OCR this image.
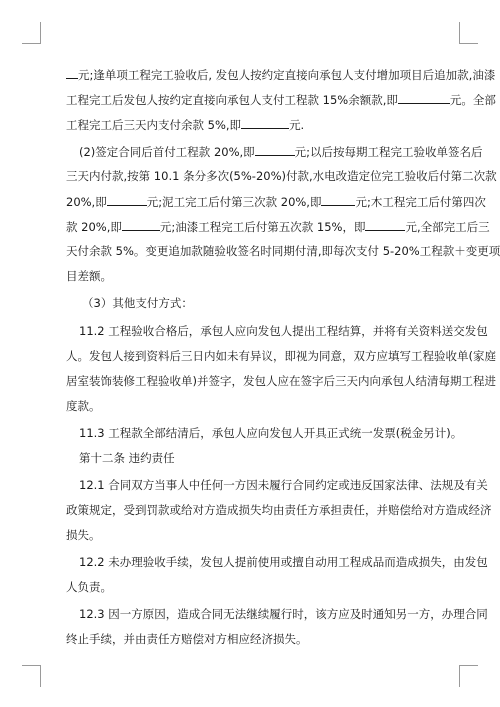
元;逢单项工程完工验收后, 发包人按约定直接向承包人支付增加项目后追加款,油漆
工程完工后发包人按约定直接向承包人支付工程款 15%余额款,即	元。全部
工程完工后三天内支付余款 5%,即	元.
(2)签定合同后首付工程款 20%,即	元;以后按每期工程完工验收单签名后
三天内付款,按第 10.1 条分多次(5%-20%)付款,水电改造定位完工验收后付第二次款
20%,即	元;泥工完工后付第三次款 20%,即	元;木工程完工后付第四次
款 20%,即	元;油漆工程完工后付第五次款 15%，即	元,全部完工后三
天付余款 5%。变更追加款随验收签名时同期付清,即每次支付 5-20%工程款＋变更项
目差额。
（3）其他支付方式：
11.2 工程验收合格后，承包人应向发包人提出工程结算，并将有关资料送交发包
人。发包人接到资料后三日内如未有异议，即视为同意，双方应填写工程验收单(家庭
居室装饰装修工程验收单)并签字，发包人应在签字后三天内向承包人结清每期工程进
度款。
11.3 工程款全部结清后，承包人应向发包人开具正式统一发票(税金另计)。
第十二条 违约责任
12.1 合同双方当事人中任何一方因未履行合同约定或违反国家法律、法规及有关
政策规定，受到罚款或给对方造成损失均由责任方承担责任，并赔偿给对方造成经济
损失。
12.2 未办理验收手续，发包人提前使用或擅自动用工程成品而造成损失，由发包
人负责。
12.3 因一方原因，造成合同无法继续履行时，该方应及时通知另一方，办理合同
终止手续，并由责任方赔偿对方相应经济损失。
